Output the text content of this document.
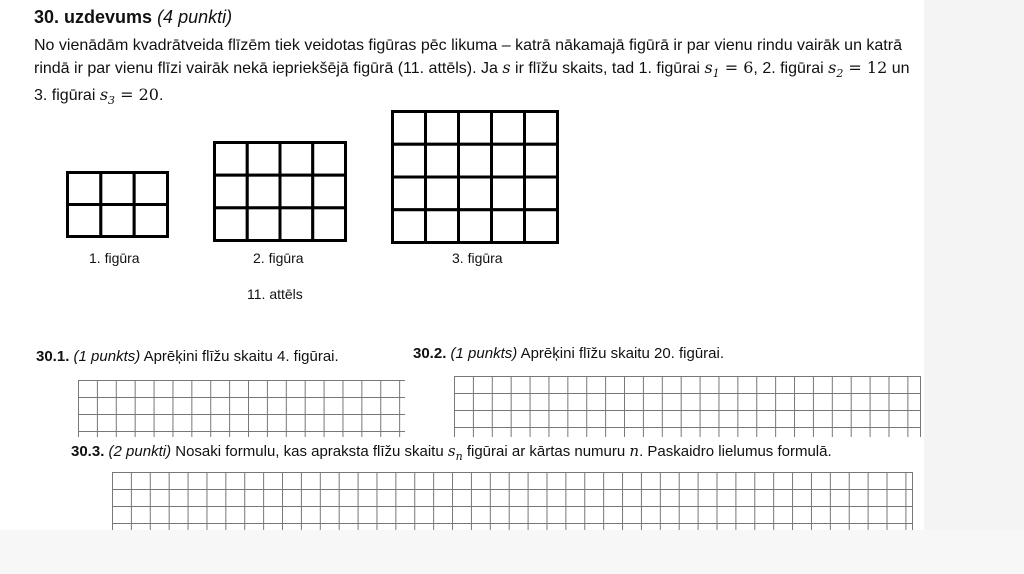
30. uzdevums (4 punkti)
No vienādām kvadrātveida flīzēm tiek veidotas figūras pēc likuma – katrā nākamajā figūrā ir par vienu rindu vairāk un katrā
rindā ir par vienu flīzi vairāk nekā iepriekšējā figūrā (11. attēls). Ja s ir flīžu skaits, tad 1. figūrai $s_1 = 6$, 2. figūrai $s_2 = 12$ un
3. figūrai $s_3 = 20$.
1. figūra	2. figūra	3. figūra
11. attēls
30.1. (1 punkts) Aprēķini flīžu skaitu 4. figūrai.	30.2. (1 punkts) Aprēķini flīžu skaitu 20. figūrai.
30.3. (2 punkti) Nosaki formulu, kas apraksta flīžu skaitu $s_n$ figūrai ar kārtas numuru n. Paskaidro lielumus formulā.
